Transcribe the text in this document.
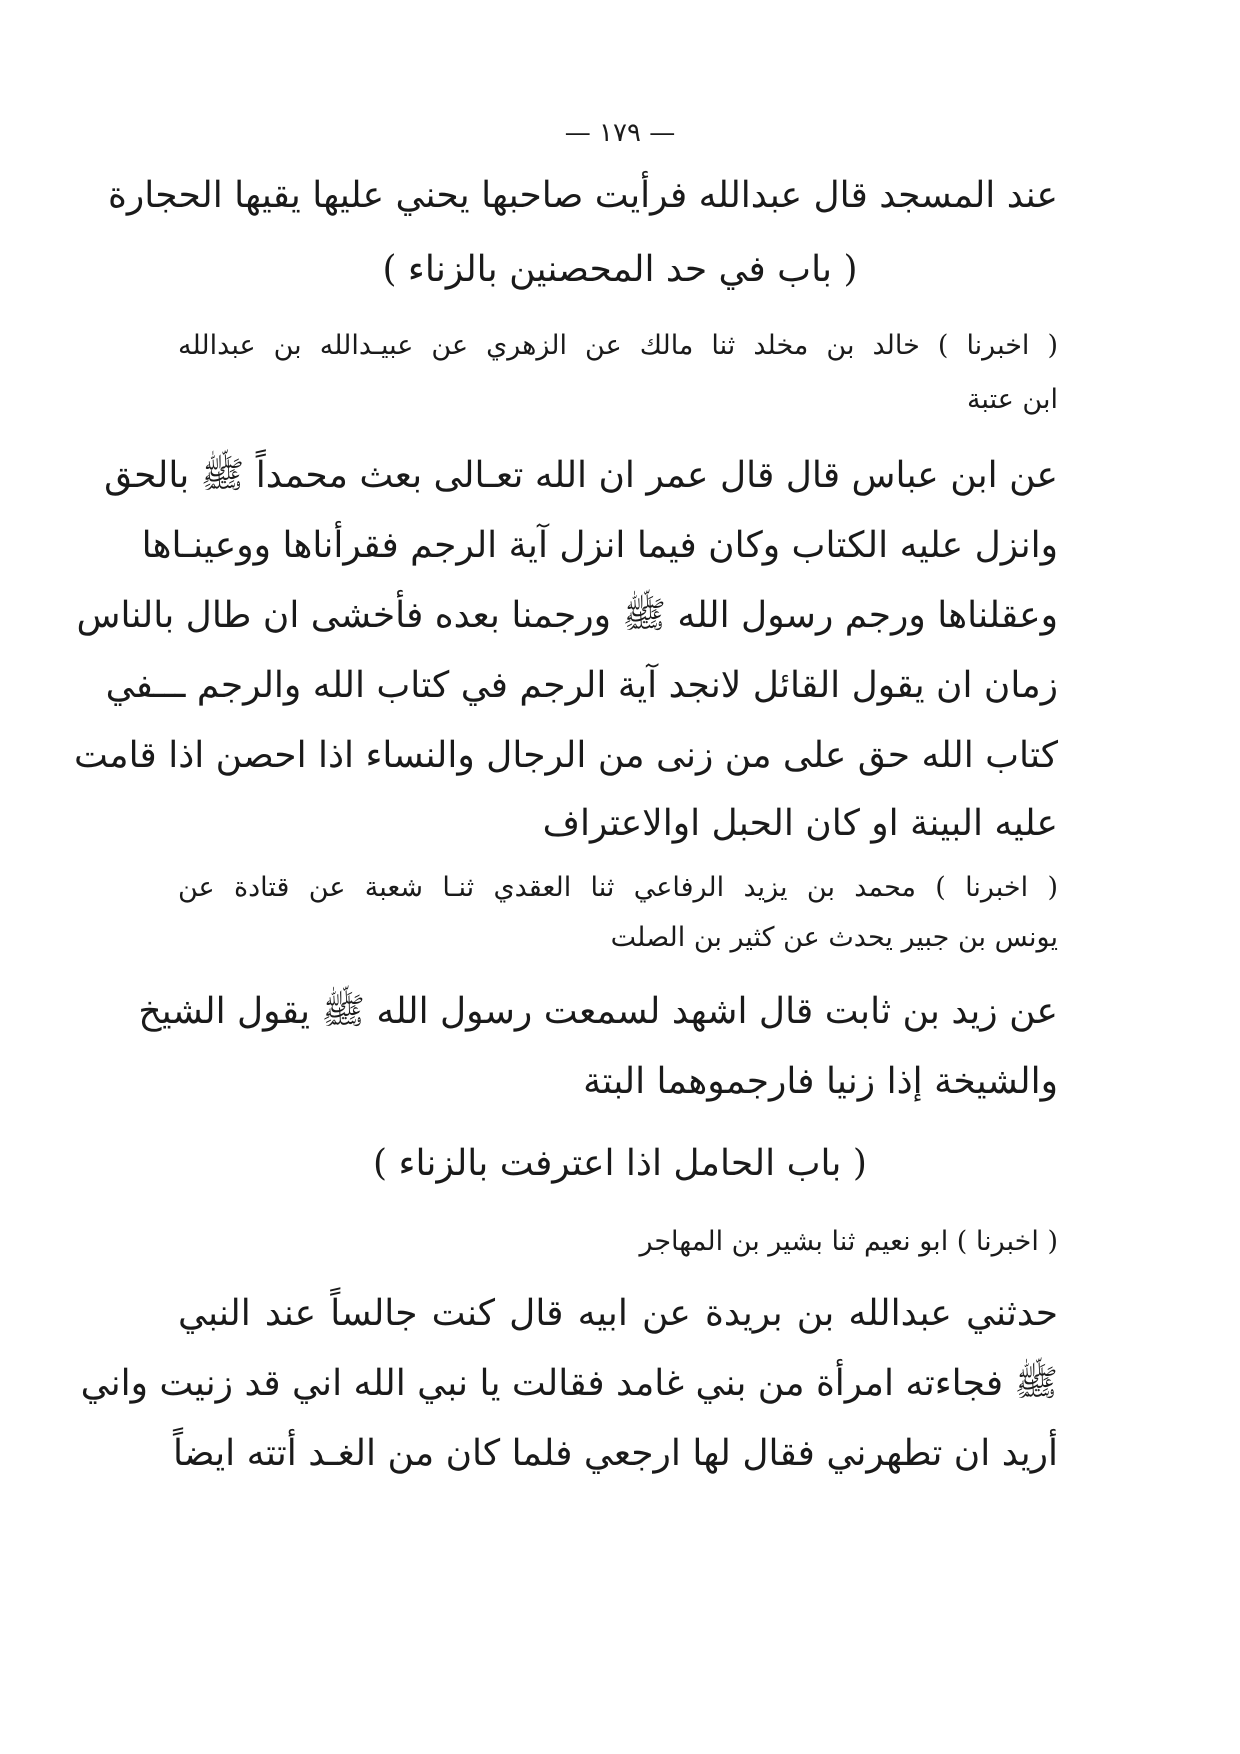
— ١٧٩ —
عند المسجد قال عبدالله فرأيت صاحبها يحني عليها يقيها الحجارة
( باب في حد المحصنين بالزناء )
( اخبرنا ) خالد بن مخلد ثنا مالك عن الزهري عن عبيـدالله بن عبدالله
ابن عتبة
عن ابن عباس قال قال عمر ان الله تعـالى بعث محمداً ﷺ بالحق
وانزل عليه الكتاب وكان فيما انزل آية الرجم فقرأناها ووعينـاها
وعقلناها ورجم رسول الله ﷺ ورجمنا بعده فأخشى ان طال بالناس
زمان ان يقول القائل لانجد آية الرجم في كتاب الله والرجم ـــفي
كتاب الله حق على من زنى من الرجال والنساء اذا احصن اذا قامت
عليه البينة او كان الحبل اوالاعتراف
( اخبرنا ) محمد بن يزيد الرفاعي ثنا العقدي ثنـا شعبة عن قتادة عن
يونس بن جبير يحدث عن كثير بن الصلت
عن زيد بن ثابت قال اشهد لسمعت رسول الله ﷺ يقول الشيخ
والشيخة إذا زنيا فارجموهما البتة
( باب الحامل اذا اعترفت بالزناء )
( اخبرنا ) ابو نعيم ثنا بشير بن المهاجر
حدثني عبدالله بن بريدة عن ابيه قال كنت جالساً عند النبي
ﷺ فجاءته امرأة من بني غامد فقالت يا نبي الله اني قد زنيت واني
أريد ان تطهرني فقال لها ارجعي فلما كان من الغـد أتته ايضاً
